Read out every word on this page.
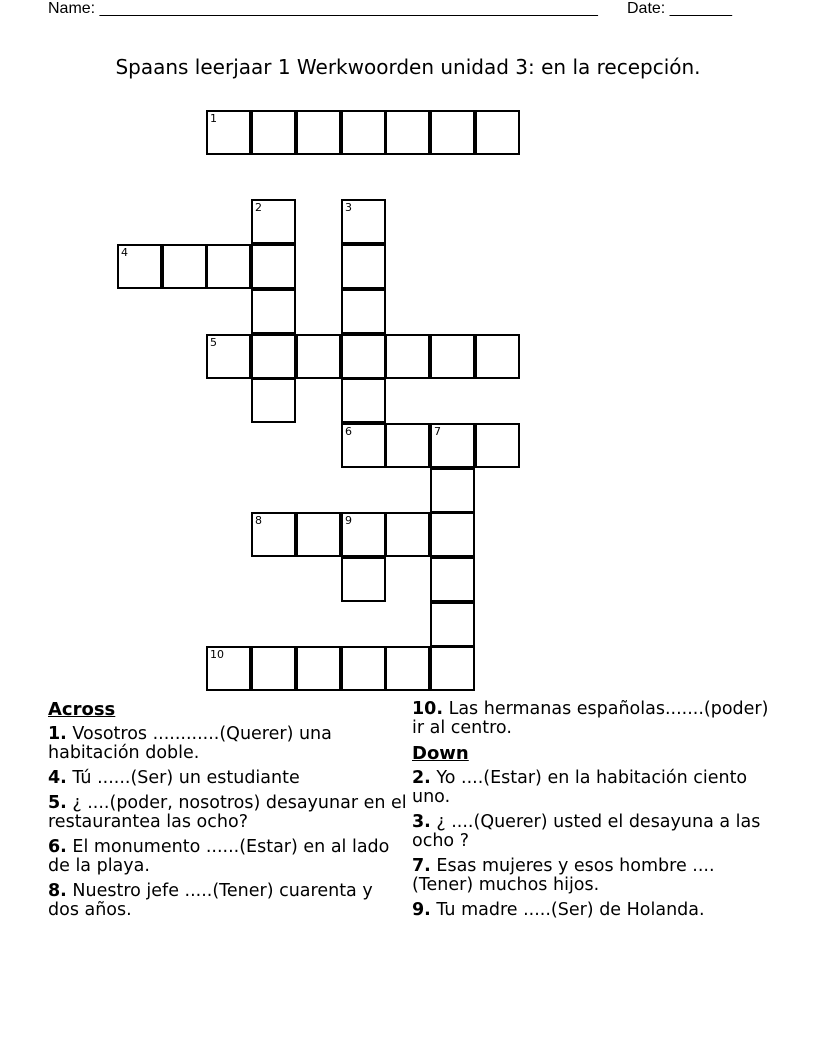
Name: ________________________________________________________ Date: _______
Spaans leerjaar 1 Werkwoorden unidad 3: en la recepción.
1
2	3
4
5
6	7
8	9
10
Across
1. Vosotros ............(Querer) una habitación doble.
4. Tú ......(Ser) un estudiante
5. ¿ ....(poder, nosotros) desayunar en el restaurantea las ocho?
6. El monumento ......(Estar) en al lado de la playa.
8. Nuestro jefe .....(Tener) cuarenta y dos años.
10. Las hermanas españolas.......(poder) ir al centro.
Down
2. Yo ....(Estar) en la habitación ciento uno.
3. ¿ ....(Querer) usted el desayuna a las ocho ?
7. Esas mujeres y esos hombre ....(Tener) muchos hijos.
9. Tu madre .....(Ser) de Holanda.
